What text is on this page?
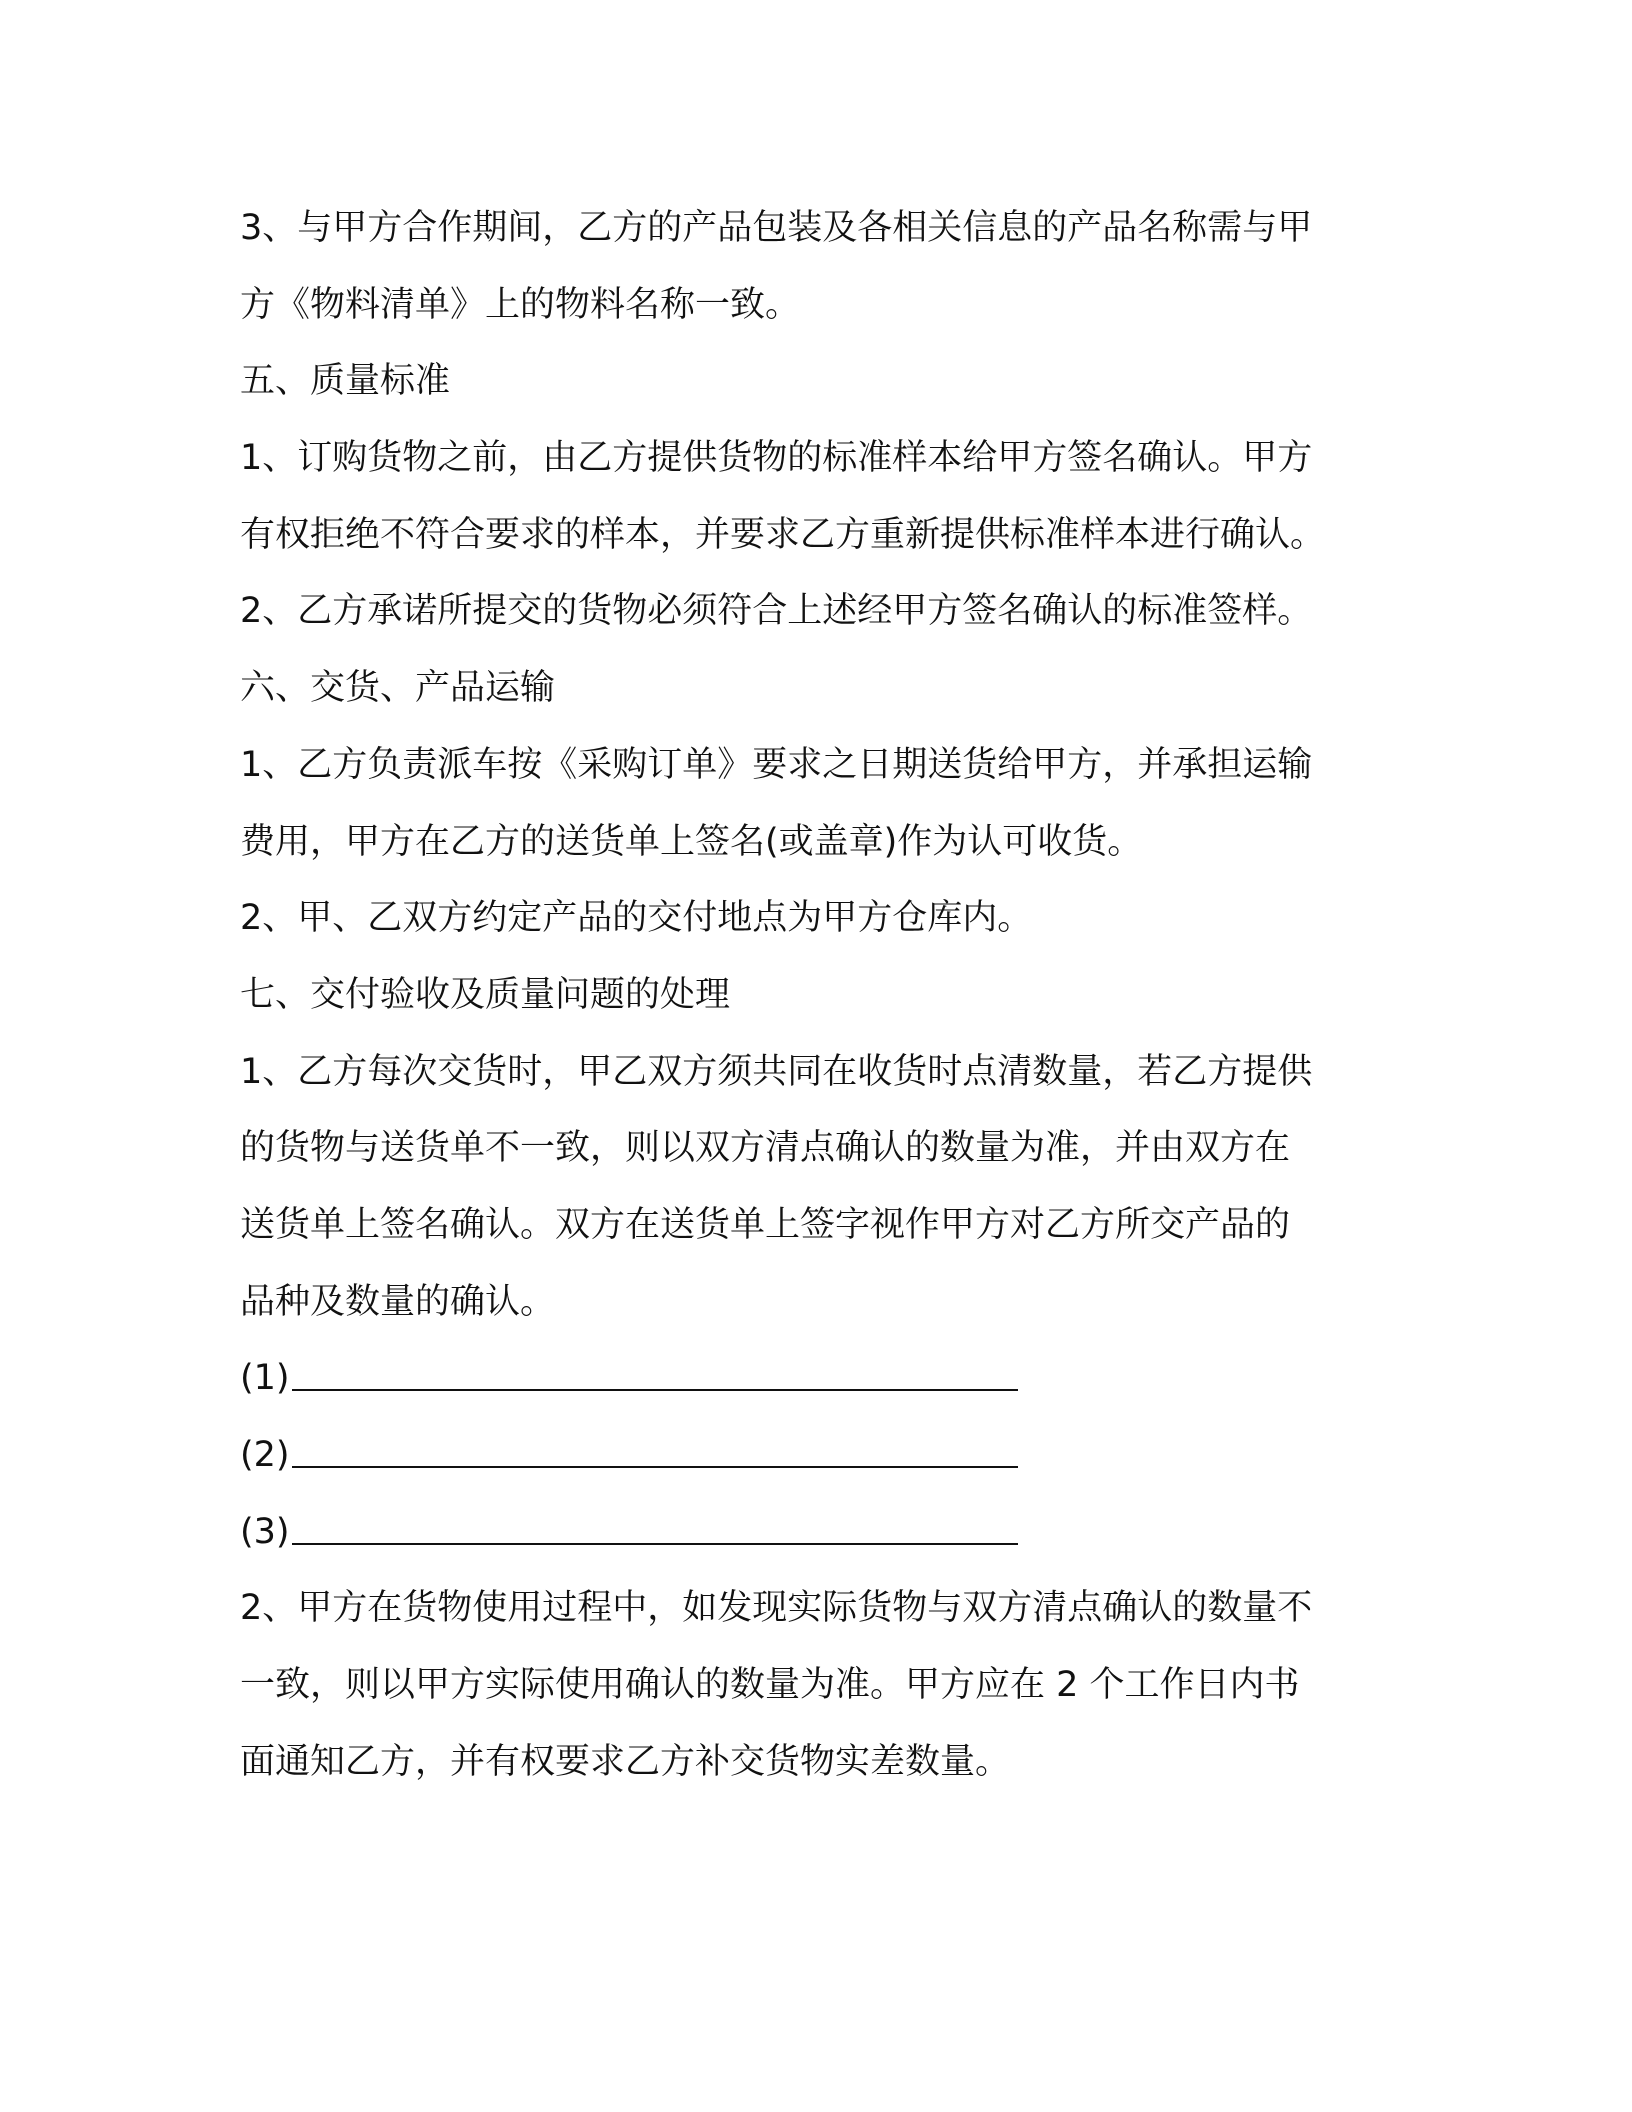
3、与甲方合作期间，乙方的产品包装及各相关信息的产品名称需与甲
方《物料清单》上的物料名称一致。
五、质量标准
1、订购货物之前，由乙方提供货物的标准样本给甲方签名确认。甲方
有权拒绝不符合要求的样本，并要求乙方重新提供标准样本进行确认。
2、乙方承诺所提交的货物必须符合上述经甲方签名确认的标准签样。
六、交货、产品运输
1、乙方负责派车按《采购订单》要求之日期送货给甲方，并承担运输
费用，甲方在乙方的送货单上签名(或盖章)作为认可收货。
2、甲、乙双方约定产品的交付地点为甲方仓库内。
七、交付验收及质量问题的处理
1、乙方每次交货时，甲乙双方须共同在收货时点清数量，若乙方提供
的货物与送货单不一致，则以双方清点确认的数量为准，并由双方在
送货单上签名确认。双方在送货单上签字视作甲方对乙方所交产品的
品种及数量的确认。
(1)
(2)
(3)
2、甲方在货物使用过程中，如发现实际货物与双方清点确认的数量不
一致，则以甲方实际使用确认的数量为准。甲方应在 2 个工作日内书
面通知乙方，并有权要求乙方补交货物实差数量。
